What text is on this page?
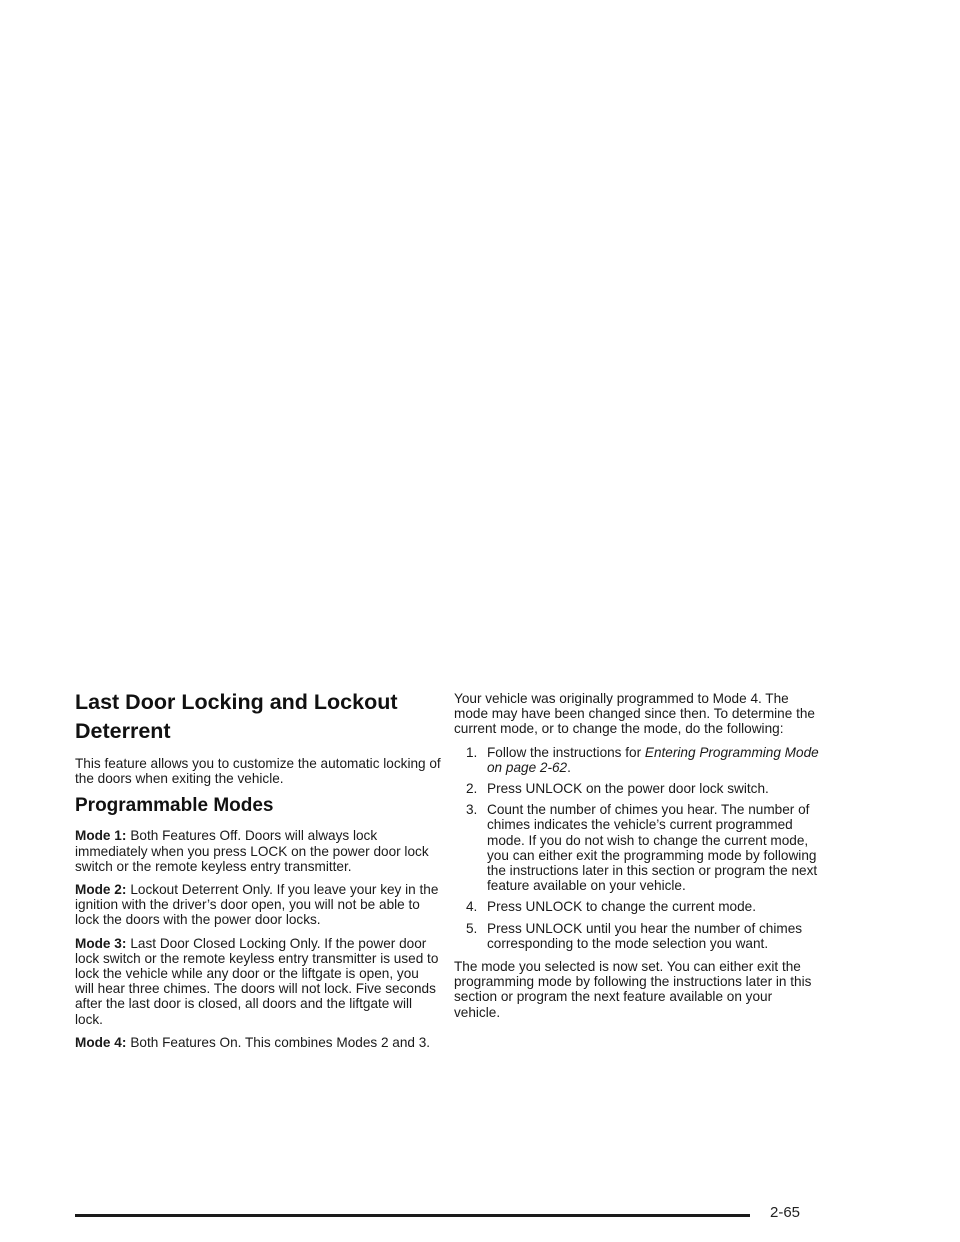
Last Door Locking and Lockout Deterrent

This feature allows you to customize the automatic locking of the doors when exiting the vehicle.

Programmable Modes

Mode 1: Both Features Off. Doors will always lock immediately when you press LOCK on the power door lock switch or the remote keyless entry transmitter.

Mode 2: Lockout Deterrent Only. If you leave your key in the ignition with the driver’s door open, you will not be able to lock the doors with the power door locks.

Mode 3: Last Door Closed Locking Only. If the power door lock switch or the remote keyless entry transmitter is used to lock the vehicle while any door or the liftgate is open, you will hear three chimes. The doors will not lock. Five seconds after the last door is closed, all doors and the liftgate will lock.

Mode 4: Both Features On. This combines Modes 2 and 3.

Your vehicle was originally programmed to Mode 4. The mode may have been changed since then. To determine the current mode, or to change the mode, do the following:

1. Follow the instructions for Entering Programming Mode on page 2-62.
2. Press UNLOCK on the power door lock switch.
3. Count the number of chimes you hear. The number of chimes indicates the vehicle’s current programmed mode. If you do not wish to change the current mode, you can either exit the programming mode by following the instructions later in this section or program the next feature available on your vehicle.
4. Press UNLOCK to change the current mode.
5. Press UNLOCK until you hear the number of chimes corresponding to the mode selection you want.

The mode you selected is now set. You can either exit the programming mode by following the instructions later in this section or program the next feature available on your vehicle.

2-65
